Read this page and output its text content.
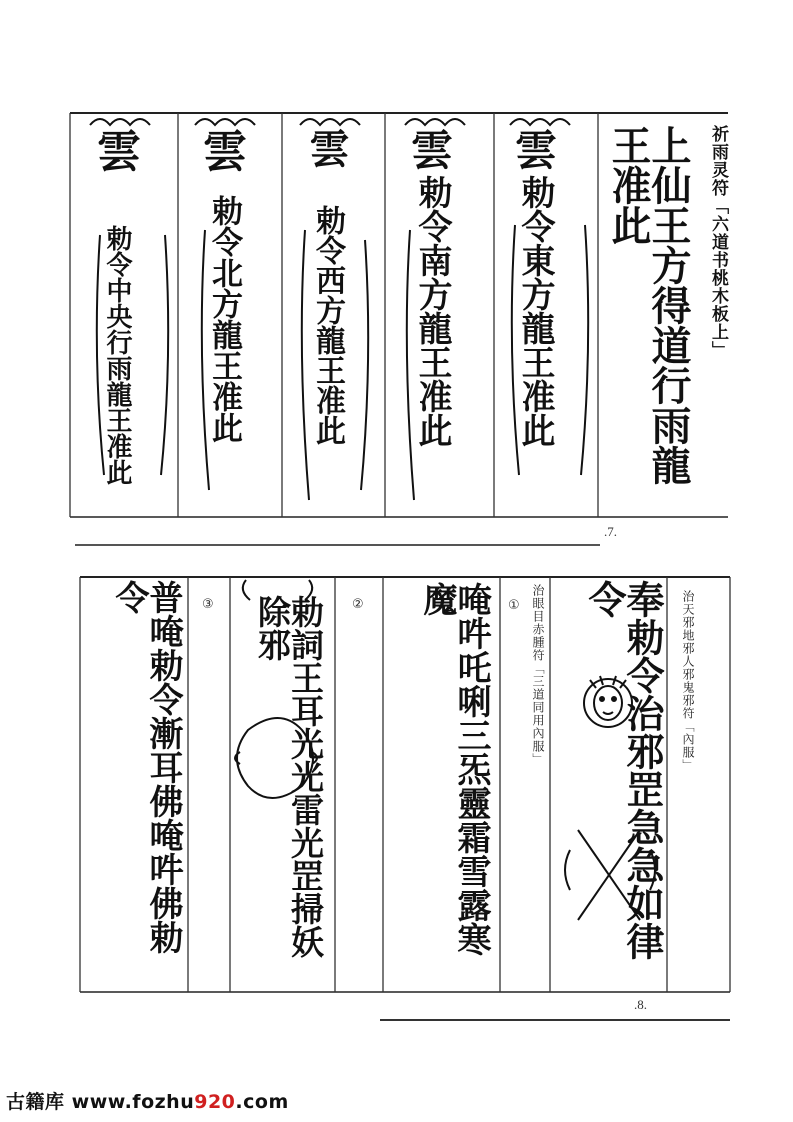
祈雨灵符「六道书桃木板上」
上仙王方得道行雨龍王准此
勅令東方龍王准此
勅令南方龍王准此
勅令西方龍王准此
勅令北方龍王准此
勅令中央行雨龍王准此
雲 雲 雲 雲 雲
.7.
治天邪地邪人邪鬼邪符「內服」
奉勅令治邪罡急急如律令
① 治眼目赤腫符「三道同用內服」
唵吽吒唎三炁靈霜雪露寒魔
②
勅詞王耳光光雷光罡掃妖除邪
③
普唵勅令漸耳佛唵吽佛勅令
.8.
古籍库 www.fozhu920.com
